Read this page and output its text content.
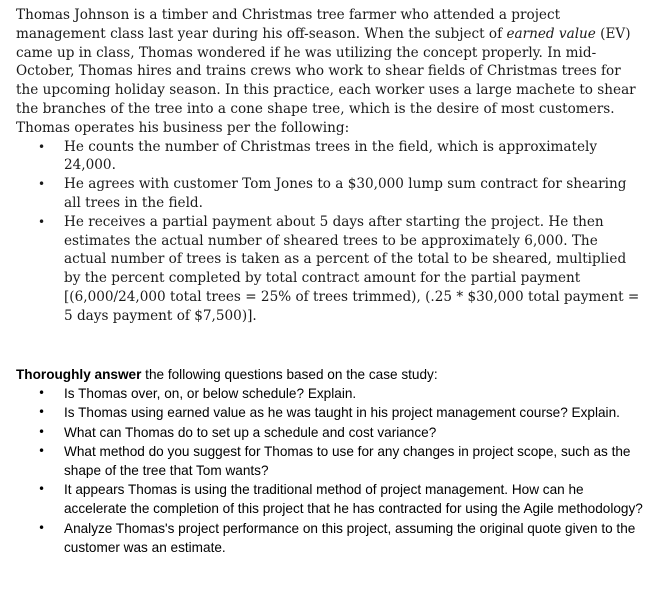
Thomas Johnson is a timber and Christmas tree farmer who attended a project management class last year during his off-season. When the subject of earned value (EV) came up in class, Thomas wondered if he was utilizing the concept properly. In mid-October, Thomas hires and trains crews who work to shear fields of Christmas trees for the upcoming holiday season. In this practice, each worker uses a large machete to shear the branches of the tree into a cone shape tree, which is the desire of most customers. Thomas operates his business per the following:

• He counts the number of Christmas trees in the field, which is approximately 24,000.
• He agrees with customer Tom Jones to a $30,000 lump sum contract for shearing all trees in the field.
• He receives a partial payment about 5 days after starting the project. He then estimates the actual number of sheared trees to be approximately 6,000. The actual number of trees is taken as a percent of the total to be sheared, multiplied by the percent completed by total contract amount for the partial payment [(6,000/24,000 total trees = 25% of trees trimmed), (.25 * $30,000 total payment = 5 days payment of $7,500)].

Thoroughly answer the following questions based on the case study:

• Is Thomas over, on, or below schedule? Explain.
• Is Thomas using earned value as he was taught in his project management course? Explain.
• What can Thomas do to set up a schedule and cost variance?
• What method do you suggest for Thomas to use for any changes in project scope, such as the shape of the tree that Tom wants?
• It appears Thomas is using the traditional method of project management. How can he accelerate the completion of this project that he has contracted for using the Agile methodology?
• Analyze Thomas's project performance on this project, assuming the original quote given to the customer was an estimate.
